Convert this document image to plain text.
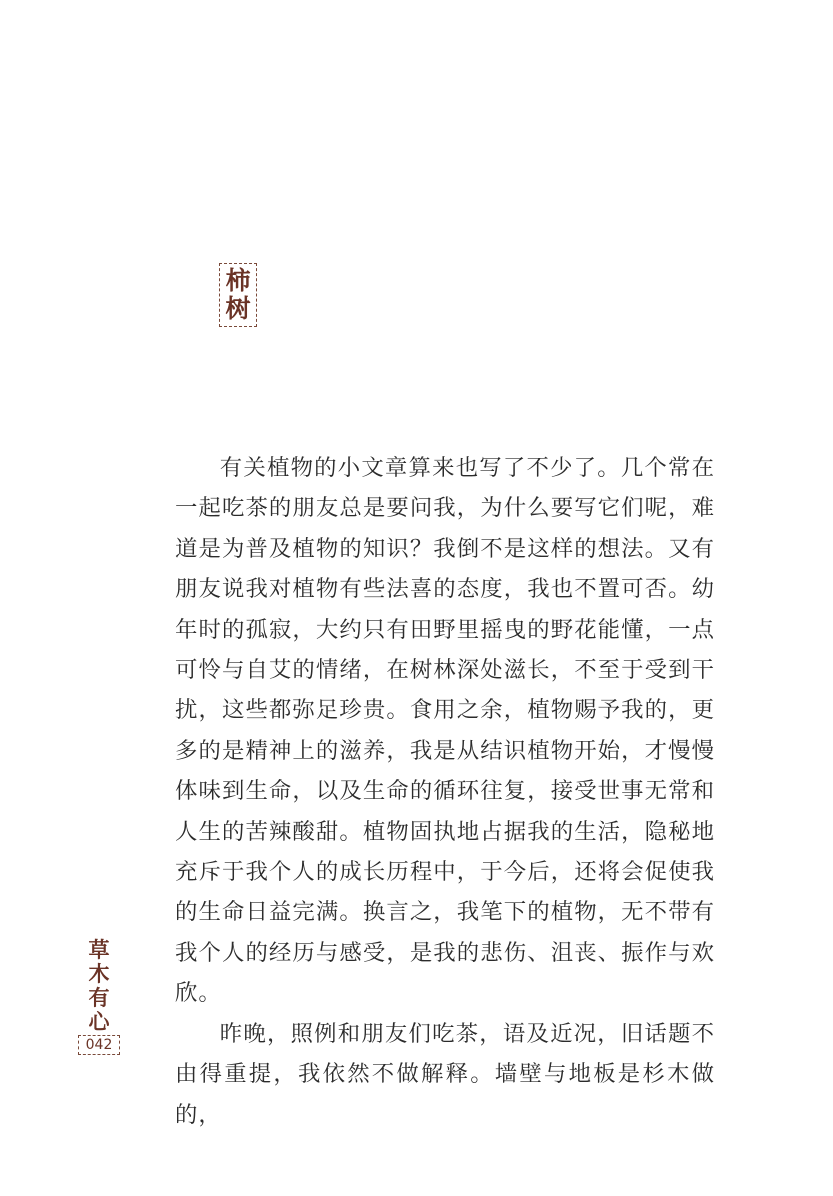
柿
树

有关植物的小文章算来也写了不少了。几个常在一起吃茶的朋友总是要问我，为什么要写它们呢，难道是为普及植物的知识？我倒不是这样的想法。又有朋友说我对植物有些法喜的态度，我也不置可否。幼年时的孤寂，大约只有田野里摇曳的野花能懂，一点可怜与自艾的情绪，在树林深处滋长，不至于受到干扰，这些都弥足珍贵。食用之余，植物赐予我的，更多的是精神上的滋养，我是从结识植物开始，才慢慢体味到生命，以及生命的循环往复，接受世事无常和人生的苦辣酸甜。植物固执地占据我的生活，隐秘地充斥于我个人的成长历程中，于今后，还将会促使我的生命日益完满。换言之，我笔下的植物，无不带有我个人的经历与感受，是我的悲伤、沮丧、振作与欢欣。

昨晚，照例和朋友们吃茶，语及近况，旧话题不由得重提，我依然不做解释。墙壁与地板是杉木做的，

草
木
有
心
042
